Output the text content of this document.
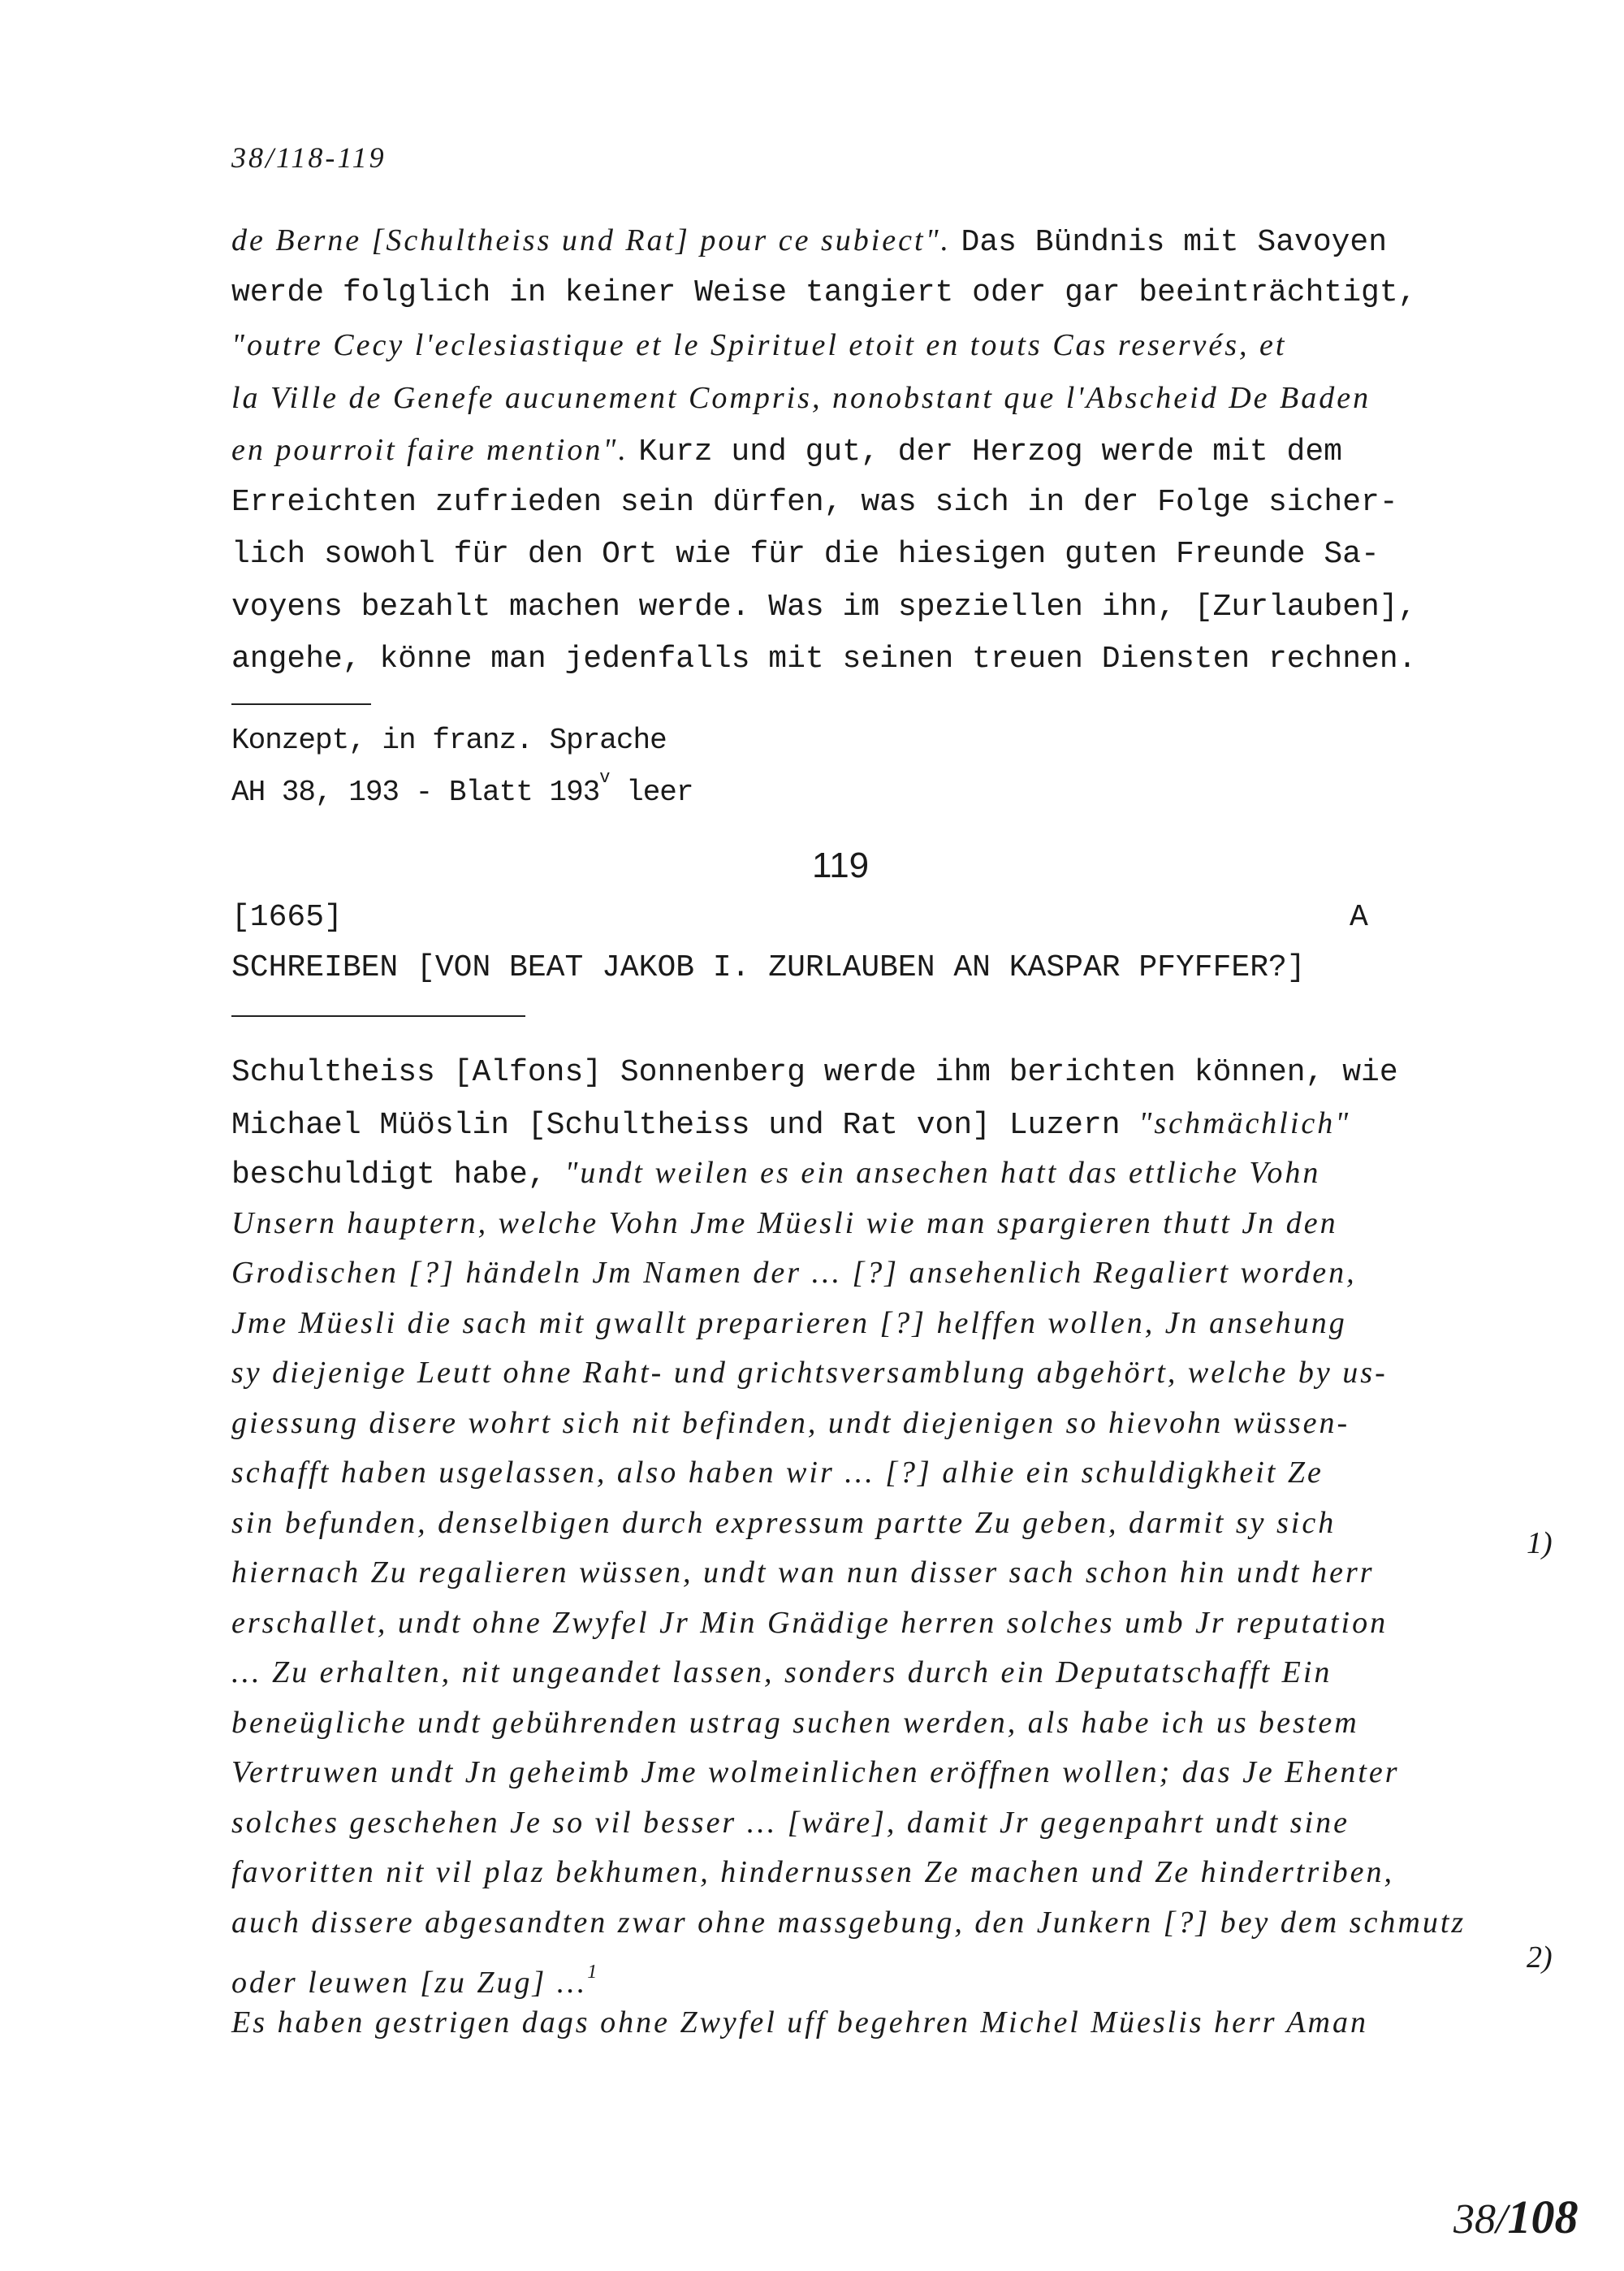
38/118-119
de Berne [Schultheiss und Rat] pour ce subiect". Das Bündnis mit Savoyen
werde folglich in keiner Weise tangiert oder gar beeinträchtigt,
"outre Cecy l'eclesiastique et le Spirituel etoit en touts Cas reservés, et
la Ville de Genefe aucunement Compris, nonobstant que l'Abscheid De Baden
en pourroit faire mention". Kurz und gut, der Herzog werde mit dem
Erreichten zufrieden sein dürfen, was sich in der Folge sicher-
lich sowohl für den Ort wie für die hiesigen guten Freunde Sa-
voyens bezahlt machen werde. Was im speziellen ihn, [Zurlauben],
angehe, könne man jedenfalls mit seinen treuen Diensten rechnen.
Konzept, in franz. Sprache
AH 38, 193 - Blatt 193$^v$ leer
119
[1665]	A
SCHREIBEN [VON BEAT JAKOB I. ZURLAUBEN AN KASPAR PFYFFER?]
Schultheiss [Alfons] Sonnenberg werde ihm berichten können, wie
Michael Müöslin [Schultheiss und Rat von] Luzern "schmächlich"
beschuldigt habe, "undt weilen es ein ansechen hatt das ettliche Vohn
Unsern hauptern, welche Vohn Jme Müesli wie man spargieren thutt Jn den
Grodischen [?] händeln Jm Namen der ... [?] ansehenlich Regaliert worden,
Jme Müesli die sach mit gwallt preparieren [?] helffen wollen, Jn ansehung
sy diejenige Leutt ohne Raht- und grichtsversamblung abgehört, welche by us-
giessung disere wohrt sich nit befinden, undt diejenigen so hievohn wüssen-
schafft haben usgelassen, also haben wir ... [?] alhie ein schuldigkheit Ze
sin befunden, denselbigen durch expressum partte Zu geben, darmit sy sich
hiernach Zu regalieren wüssen, undt wan nun disser sach schon hin undt herr
erschallet, undt ohne Zwyfel Jr Min Gnädige herren solches umb Jr reputation
... Zu erhalten, nit ungeandet lassen, sonders durch ein Deputatschafft Ein
beneügliche undt gebührenden ustrag suchen werden, als habe ich us bestem
Vertruwen undt Jn geheimb Jme wolmeinlichen eröffnen wollen; das Je Ehenter
solches geschehen Je so vil besser ... [wäre], damit Jr gegenpahrt undt sine
favoritten nit vil plaz bekhumen, hindernussen Ze machen und Ze hindertriben,
auch dissere abgesandten zwar ohne massgebung, den Junkern [?] bey dem schmutz
oder leuwen [zu Zug] ...$^1$
Es haben gestrigen dags ohne Zwyfel uff begehren Michel Müeslis herr Aman
1)
2)
38/108
